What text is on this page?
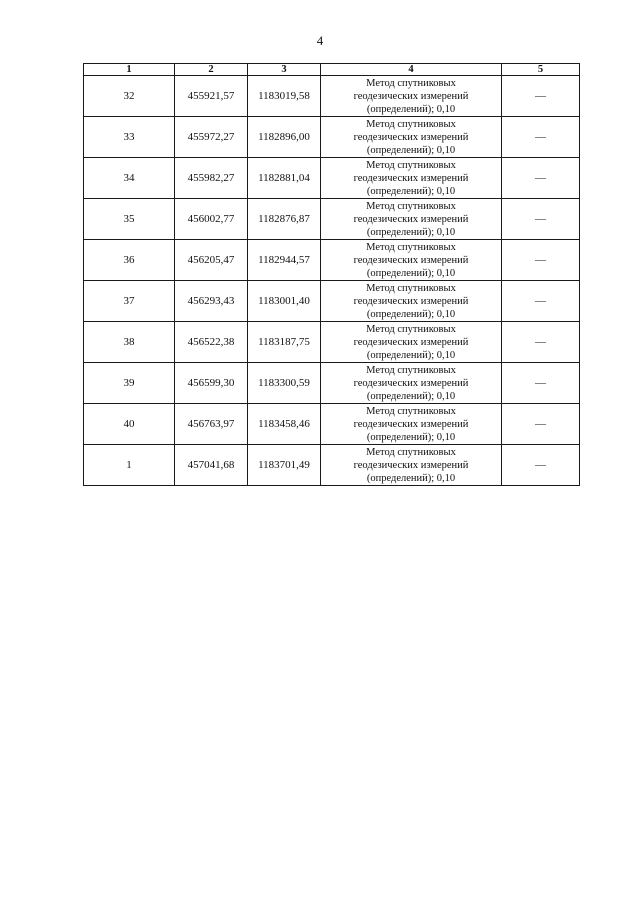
4
1	2	3	4	5
32	455921,57	1183019,58	Метод спутниковых
геодезических измерений
(определений); 0,10	—
33	455972,27	1182896,00	Метод спутниковых
геодезических измерений
(определений); 0,10	—
34	455982,27	1182881,04	Метод спутниковых
геодезических измерений
(определений); 0,10	—
35	456002,77	1182876,87	Метод спутниковых
геодезических измерений
(определений); 0,10	—
36	456205,47	1182944,57	Метод спутниковых
геодезических измерений
(определений); 0,10	—
37	456293,43	1183001,40	Метод спутниковых
геодезических измерений
(определений); 0,10	—
38	456522,38	1183187,75	Метод спутниковых
геодезических измерений
(определений); 0,10	—
39	456599,30	1183300,59	Метод спутниковых
геодезических измерений
(определений); 0,10	—
40	456763,97	1183458,46	Метод спутниковых
геодезических измерений
(определений); 0,10	—
1	457041,68	1183701,49	Метод спутниковых
геодезических измерений
(определений); 0,10	—
